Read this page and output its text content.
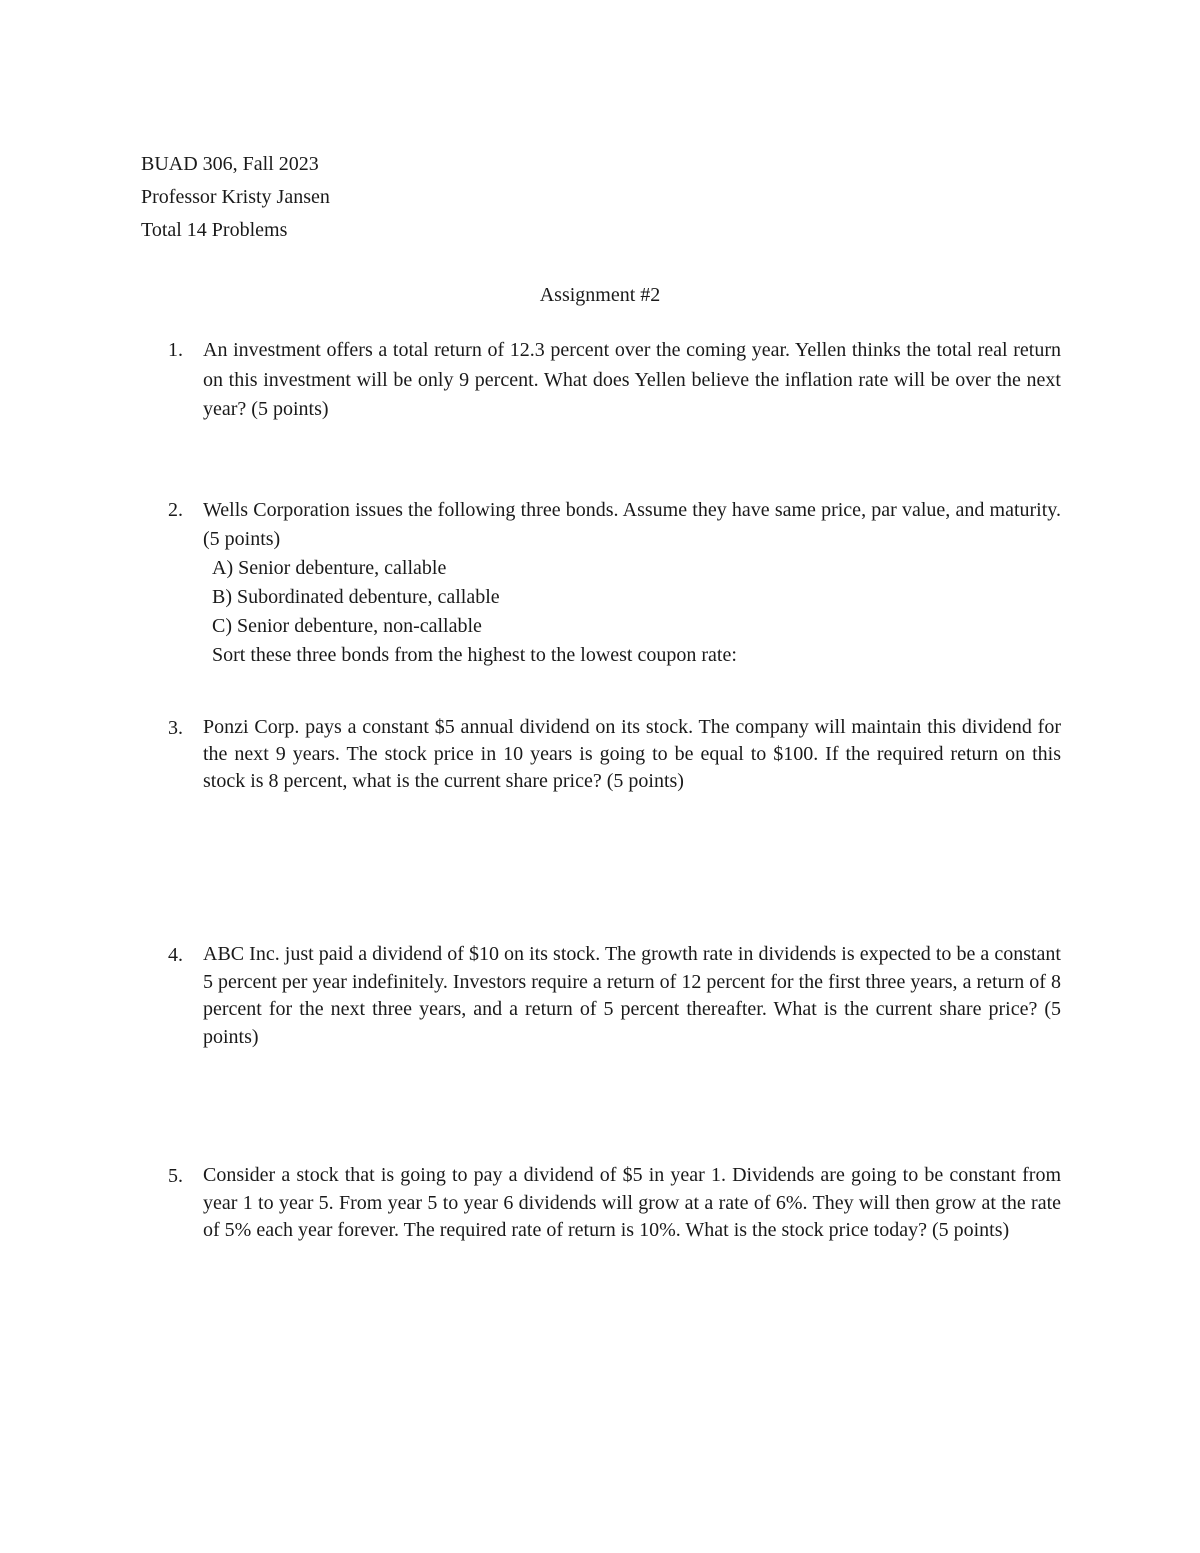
BUAD 306, Fall 2023
Professor Kristy Jansen
Total 14 Problems
Assignment #2
1. An investment offers a total return of 12.3 percent over the coming year. Yellen thinks the total real return on this investment will be only 9 percent. What does Yellen believe the inflation rate will be over the next year? (5 points)

2. Wells Corporation issues the following three bonds. Assume they have same price, par value, and maturity. (5 points)

A) Senior debenture, callable
B) Subordinated debenture, callable
C) Senior debenture, non-callable
Sort these three bonds from the highest to the lowest coupon rate:
3. Ponzi Corp. pays a constant $5 annual dividend on its stock. The company will maintain this dividend for the next 9 years. The stock price in 10 years is going to be equal to $100. If the required return on this stock is 8 percent, what is the current share price? (5 points)

4. ABC Inc. just paid a dividend of $10 on its stock. The growth rate in dividends is expected to be a constant 5 percent per year indefinitely. Investors require a return of 12 percent for the first three years, a return of 8 percent for the next three years, and a return of 5 percent thereafter. What is the current share price? (5 points)

5. Consider a stock that is going to pay a dividend of $5 in year 1. Dividends are going to be constant from year 1 to year 5. From year 5 to year 6 dividends will grow at a rate of 6%. They will then grow at the rate of 5% each year forever. The required rate of return is 10%. What is the stock price today? (5 points)
